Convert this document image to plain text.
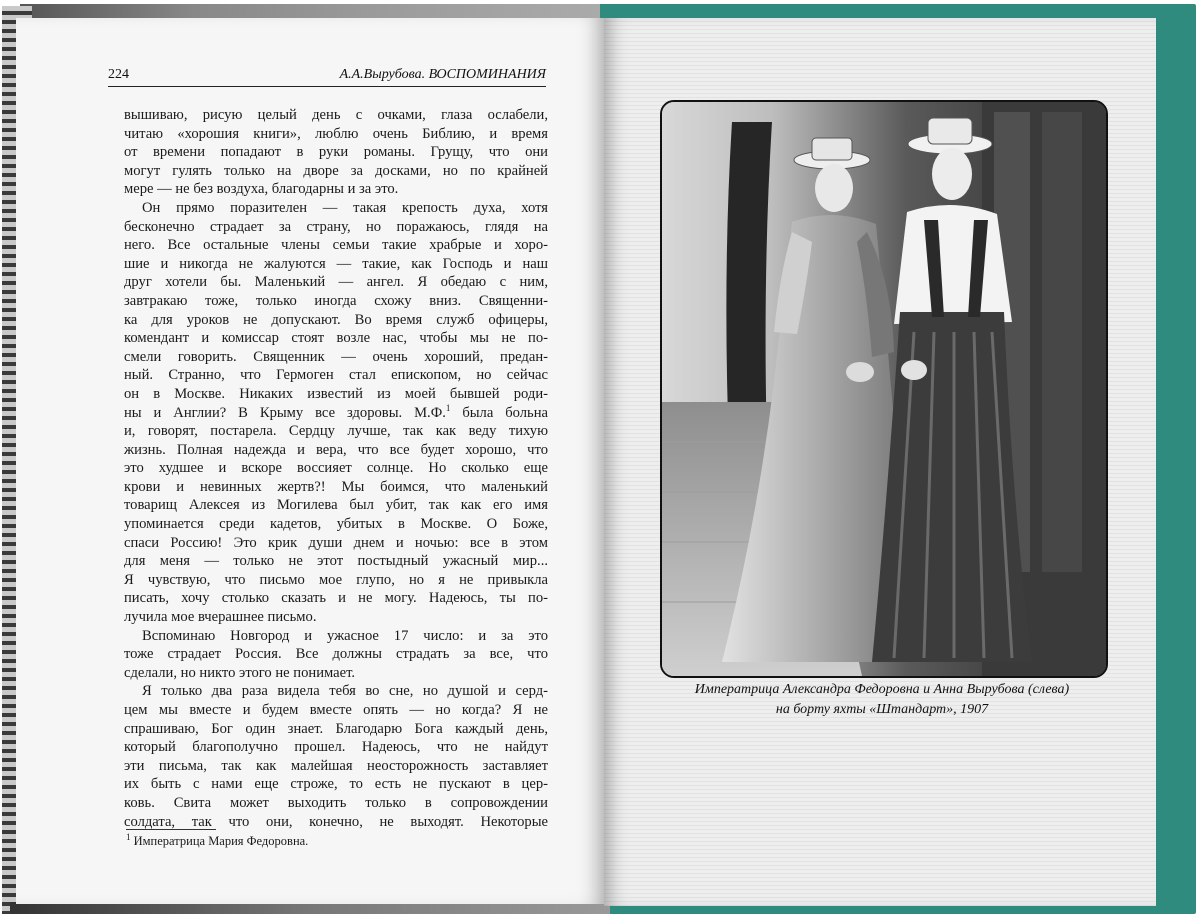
224	А.А.Вырубова. ВОСПОМИНАНИЯ
вышиваю, рисую целый день с очками, глаза ослабели,
читаю «хорошия книги», люблю очень Библию, и время
от времени попадают в руки романы. Грущу, что они
могут гулять только на дворе за досками, но по крайней
мере — не без воздуха, благодарны и за это.
Он прямо поразителен — такая крепость духа, хотя
бесконечно страдает за страну, но поражаюсь, глядя на
него. Все остальные члены семьи такие храбрые и хоро-
шие и никогда не жалуются — такие, как Господь и наш
друг хотели бы. Маленький — ангел. Я обедаю с ним,
завтракаю тоже, только иногда схожу вниз. Священни-
ка для уроков не допускают. Во время служб офицеры,
комендант и комиссар стоят возле нас, чтобы мы не по-
смели говорить. Священник — очень хороший, предан-
ный. Странно, что Гермоген стал епископом, но сейчас
он в Москве. Никаких известий из моей бывшей роди-
ны и Англии? В Крыму все здоровы. М.Ф.$^1$ была больна
и, говорят, постарела. Сердцу лучше, так как веду тихую
жизнь. Полная надежда и вера, что все будет хорошо, что
это худшее и вскоре воссияет солнце. Но сколько еще
крови и невинных жертв?! Мы боимся, что маленький
товарищ Алексея из Могилева был убит, так как его имя
упоминается среди кадетов, убитых в Москве. О Боже,
спаси Россию! Это крик души днем и ночью: все в этом
для меня — только не этот постыдный ужасный мир...
Я чувствую, что письмо мое глупо, но я не привыкла
писать, хочу столько сказать и не могу. Надеюсь, ты по-
лучила мое вчерашнее письмо.
Вспоминаю Новгород и ужасное 17 число: и за это
тоже страдает Россия. Все должны страдать за все, что
сделали, но никто этого не понимает.
Я только два раза видела тебя во сне, но душой и серд-
цем мы вместе и будем вместе опять — но когда? Я не
спрашиваю, Бог один знает. Благодарю Бога каждый день,
который благополучно прошел. Надеюсь, что не найдут
эти письма, так как малейшая неосторожность заставляет
их быть с нами еще строже, то есть не пускают в цер-
ковь. Свита может выходить только в сопровождении
солдата, так что они, конечно, не выходят. Некоторые
$^1$ Императрица Мария Федоровна.
Императрица Александра Федоровна и Анна Вырубова (слева)
на борту яхты «Штандарт», 1907
